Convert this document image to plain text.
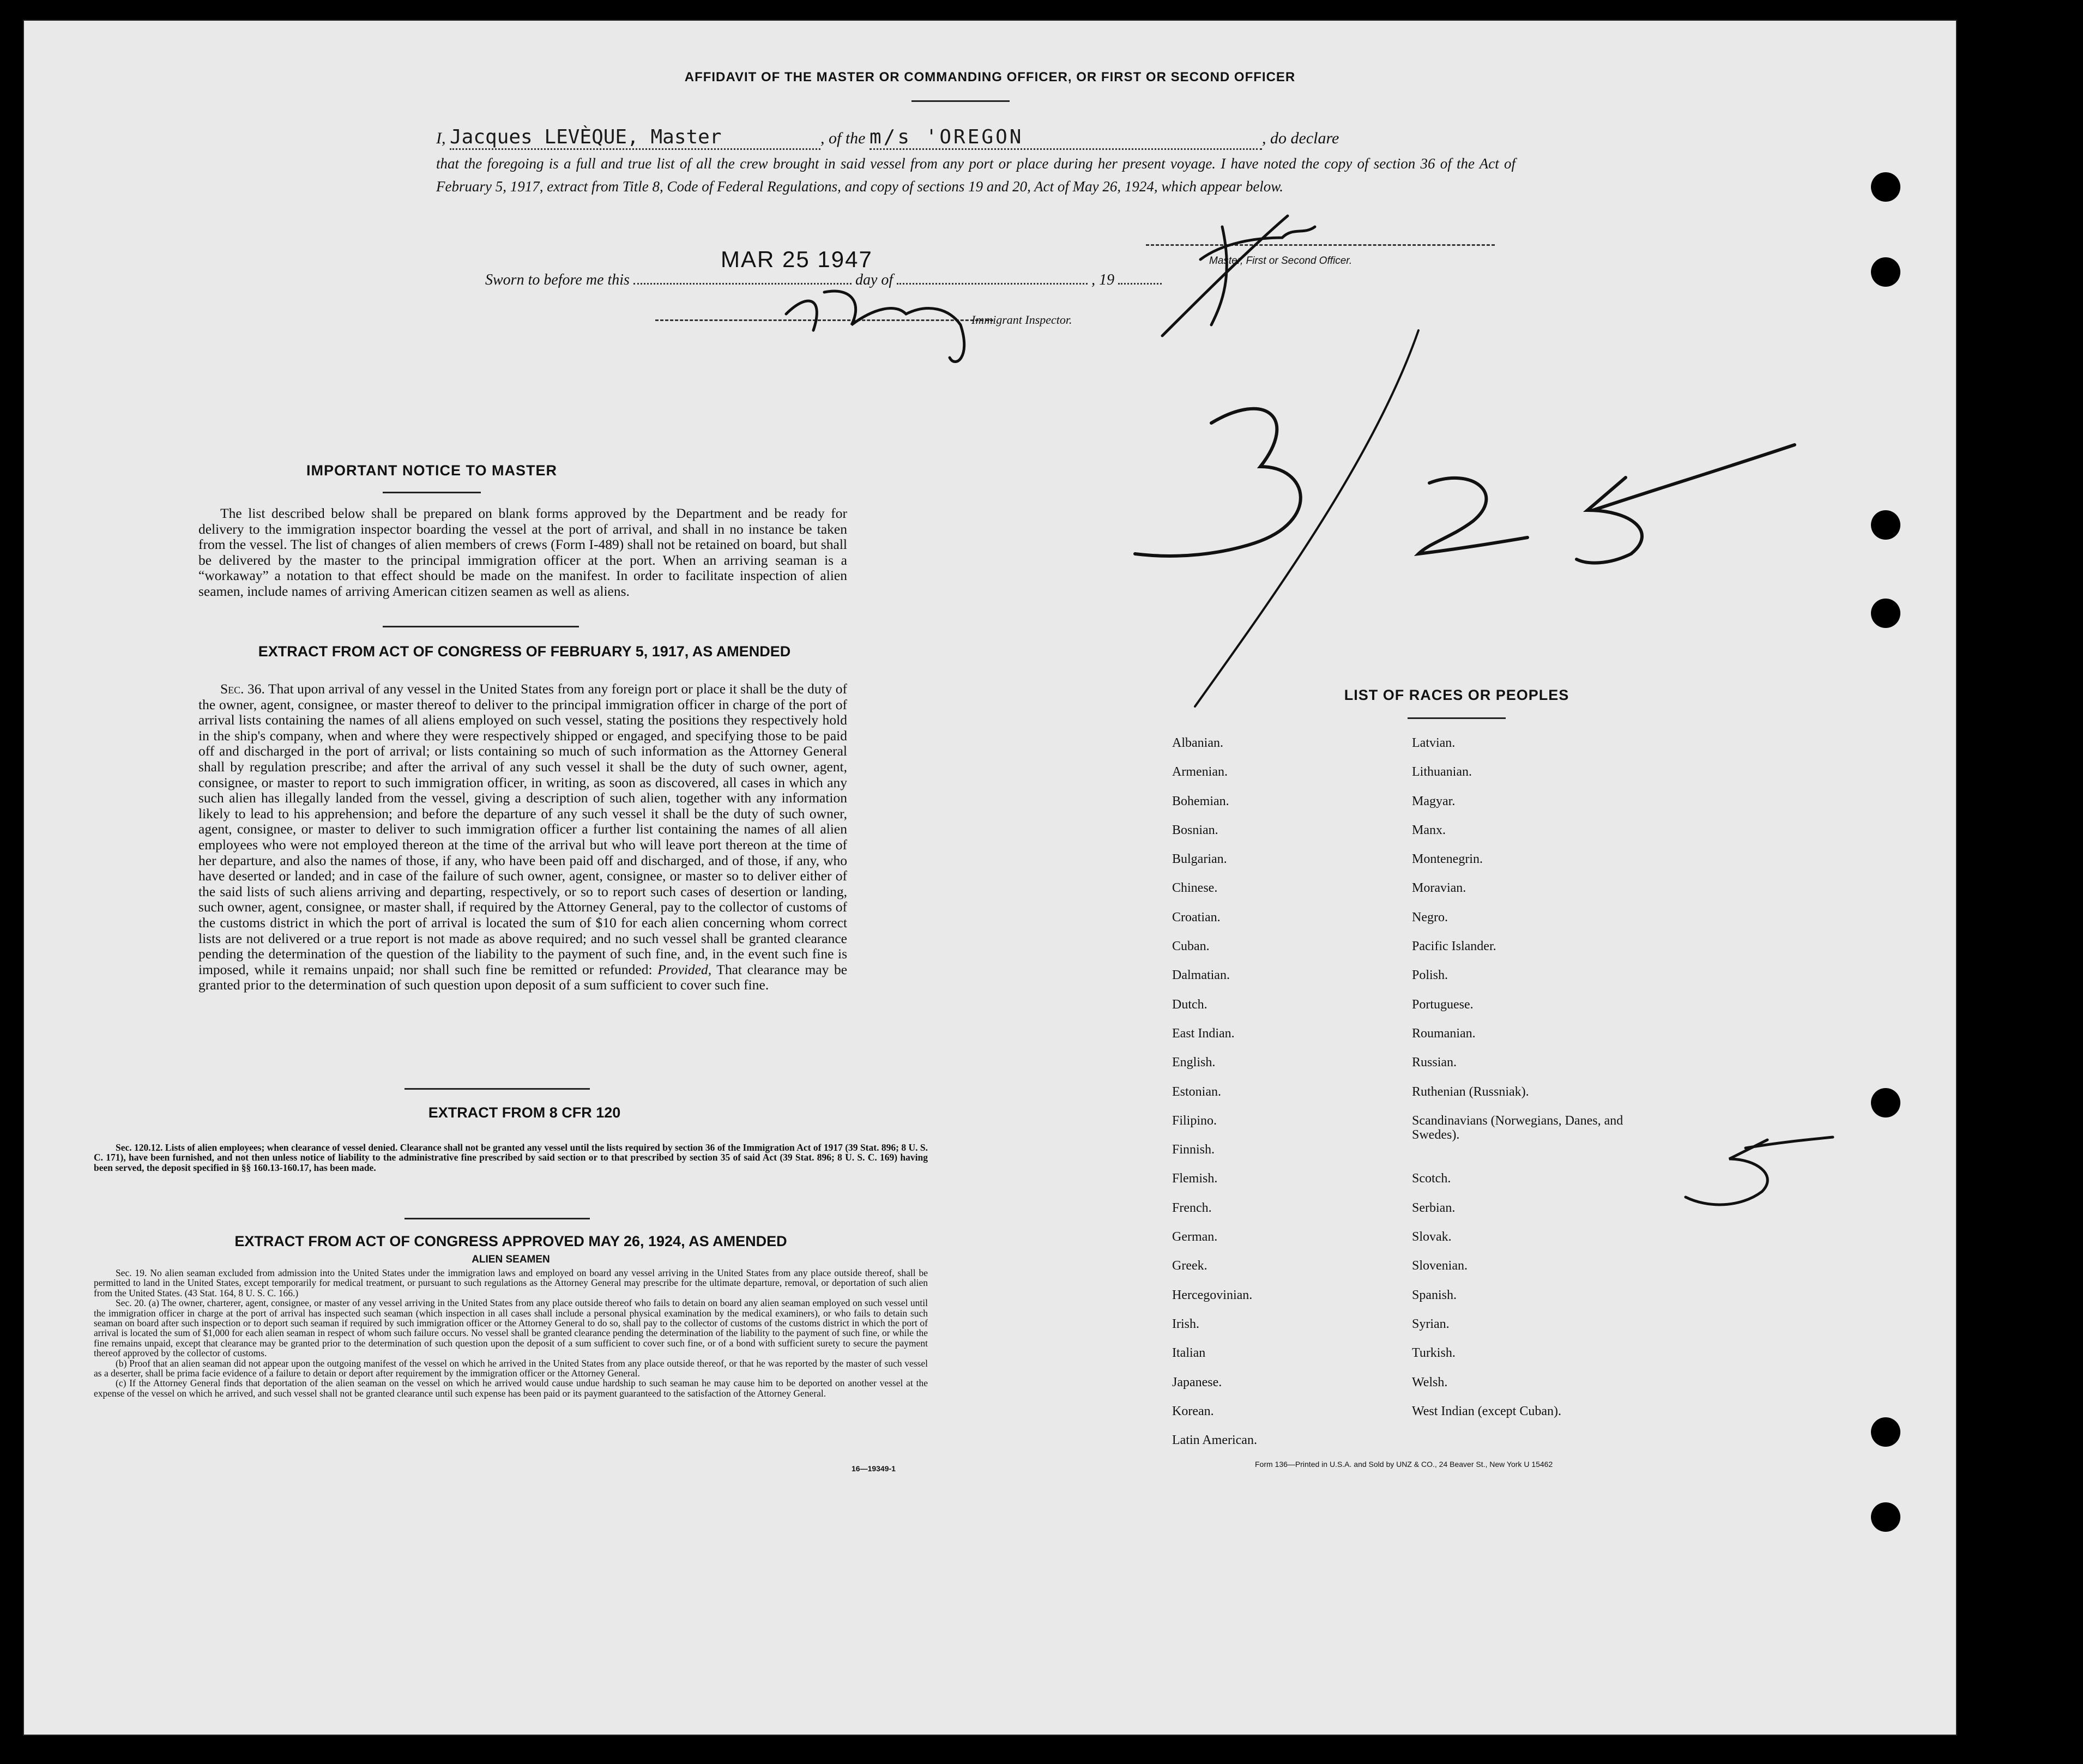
AFFIDAVIT OF THE MASTER OR COMMANDING OFFICER, OR FIRST OR SECOND OFFICER
I, Jacques LEVÈQUE, Master	, of the m/s 'OREGON	, do declare
that the foregoing is a full and true list of all the crew brought in said vessel from any port or place during her present voyage. I have noted the copy of section 36 of the Act of February 5, 1917, extract from Title 8, Code of Federal Regulations, and copy of sections 19 and 20, Act of May 26, 1924, which appear below.
MAR 25 1947
Sworn to before me this	day of	, 19
Master, First or Second Officer.
Immigrant Inspector.
IMPORTANT NOTICE TO MASTER
The list described below shall be prepared on blank forms approved by the Department and be ready for delivery to the immigration inspector boarding the vessel at the port of arrival, and shall in no instance be taken from the vessel. The list of changes of alien members of crews (Form I-489) shall not be retained on board, but shall be delivered by the master to the principal immigration officer at the port. When an arriving seaman is a “workaway” a notation to that effect should be made on the manifest. In order to facilitate inspection of alien seamen, include names of arriving American citizen seamen as well as aliens.
EXTRACT FROM ACT OF CONGRESS OF FEBRUARY 5, 1917, AS AMENDED
Sec. 36. That upon arrival of any vessel in the United States from any foreign port or place it shall be the duty of the owner, agent, consignee, or master thereof to deliver to the principal immigration officer in charge of the port of arrival lists containing the names of all aliens employed on such vessel, stating the positions they respectively hold in the ship's company, when and where they were respectively shipped or engaged, and specifying those to be paid off and discharged in the port of arrival; or lists containing so much of such information as the Attorney General shall by regulation prescribe; and after the arrival of any such vessel it shall be the duty of such owner, agent, consignee, or master to report to such immigration officer, in writing, as soon as discovered, all cases in which any such alien has illegally landed from the vessel, giving a description of such alien, together with any information likely to lead to his apprehension; and before the departure of any such vessel it shall be the duty of such owner, agent, consignee, or master to deliver to such immigration officer a further list containing the names of all alien employees who were not employed thereon at the time of the arrival but who will leave port thereon at the time of her departure, and also the names of those, if any, who have been paid off and discharged, and of those, if any, who have deserted or landed; and in case of the failure of such owner, agent, consignee, or master so to deliver either of the said lists of such aliens arriving and departing, respectively, or so to report such cases of desertion or landing, such owner, agent, consignee, or master shall, if required by the Attorney General, pay to the collector of customs of the customs district in which the port of arrival is located the sum of $10 for each alien concerning whom correct lists are not delivered or a true report is not made as above required; and no such vessel shall be granted clearance pending the determination of the question of the liability to the payment of such fine, and, in the event such fine is imposed, while it remains unpaid; nor shall such fine be remitted or refunded: Provided, That clearance may be granted prior to the determination of such question upon deposit of a sum sufficient to cover such fine.
EXTRACT FROM 8 CFR 120
Sec. 120.12. Lists of alien employees; when clearance of vessel denied. Clearance shall not be granted any vessel until the lists required by section 36 of the Immigration Act of 1917 (39 Stat. 896; 8 U. S. C. 171), have been furnished, and not then unless notice of liability to the administrative fine prescribed by said section or to that prescribed by section 35 of said Act (39 Stat. 896; 8 U. S. C. 169) having been served, the deposit specified in §§ 160.13-160.17, has been made.
EXTRACT FROM ACT OF CONGRESS APPROVED MAY 26, 1924, AS AMENDED
ALIEN SEAMEN
Sec. 19. No alien seaman excluded from admission into the United States under the immigration laws and employed on board any vessel arriving in the United States from any place outside thereof, shall be permitted to land in the United States, except temporarily for medical treatment, or pursuant to such regulations as the Attorney General may prescribe for the ultimate departure, removal, or deportation of such alien from the United States. (43 Stat. 164, 8 U. S. C. 166.)
Sec. 20. (a) The owner, charterer, agent, consignee, or master of any vessel arriving in the United States from any place outside thereof who fails to detain on board any alien seaman employed on such vessel until the immigration officer in charge at the port of arrival has inspected such seaman (which inspection in all cases shall include a personal physical examination by the medical examiners), or who fails to detain such seaman on board after such inspection or to deport such seaman if required by such immigration officer or the Attorney General to do so, shall pay to the collector of customs of the customs district in which the port of arrival is located the sum of $1,000 for each alien seaman in respect of whom such failure occurs. No vessel shall be granted clearance pending the determination of the liability to the payment of such fine, or while the fine remains unpaid, except that clearance may be granted prior to the determination of such question upon the deposit of a sum sufficient to cover such fine, or of a bond with sufficient surety to secure the payment thereof approved by the collector of customs.
(b) Proof that an alien seaman did not appear upon the outgoing manifest of the vessel on which he arrived in the United States from any place outside thereof, or that he was reported by the master of such vessel as a deserter, shall be prima facie evidence of a failure to detain or deport after requirement by the immigration officer or the Attorney General.
(c) If the Attorney General finds that deportation of the alien seaman on the vessel on which he arrived would cause undue hardship to such seaman he may cause him to be deported on another vessel at the expense of the vessel on which he arrived, and such vessel shall not be granted clearance until such expense has been paid or its payment guaranteed to the satisfaction of the Attorney General.
16—19349-1
LIST OF RACES OR PEOPLES

Albanian.

Armenian.

Bohemian.

Bosnian.

Bulgarian.

Chinese.

Croatian.

Cuban.

Dalmatian.

Dutch.

East Indian.

English.

Estonian.

Filipino.

Finnish.

Flemish.

French.

German.

Greek.

Hercegovinian.

Irish.

Italian

Japanese.

Korean.

Latin American.

Latvian.

Lithuanian.

Magyar.

Manx.

Montenegrin.

Moravian.

Negro.

Pacific Islander.

Polish.

Portuguese.

Roumanian.

Russian.

Ruthenian (Russniak).

Scandinavians (Norwegians, Danes, and Swedes).

Scotch.

Serbian.

Slovak.

Slovenian.

Spanish.

Syrian.

Turkish.

Welsh.

West Indian (except Cuban).

Form 136—Printed in U.S.A. and Sold by UNZ & CO., 24 Beaver St., New York U 15462
